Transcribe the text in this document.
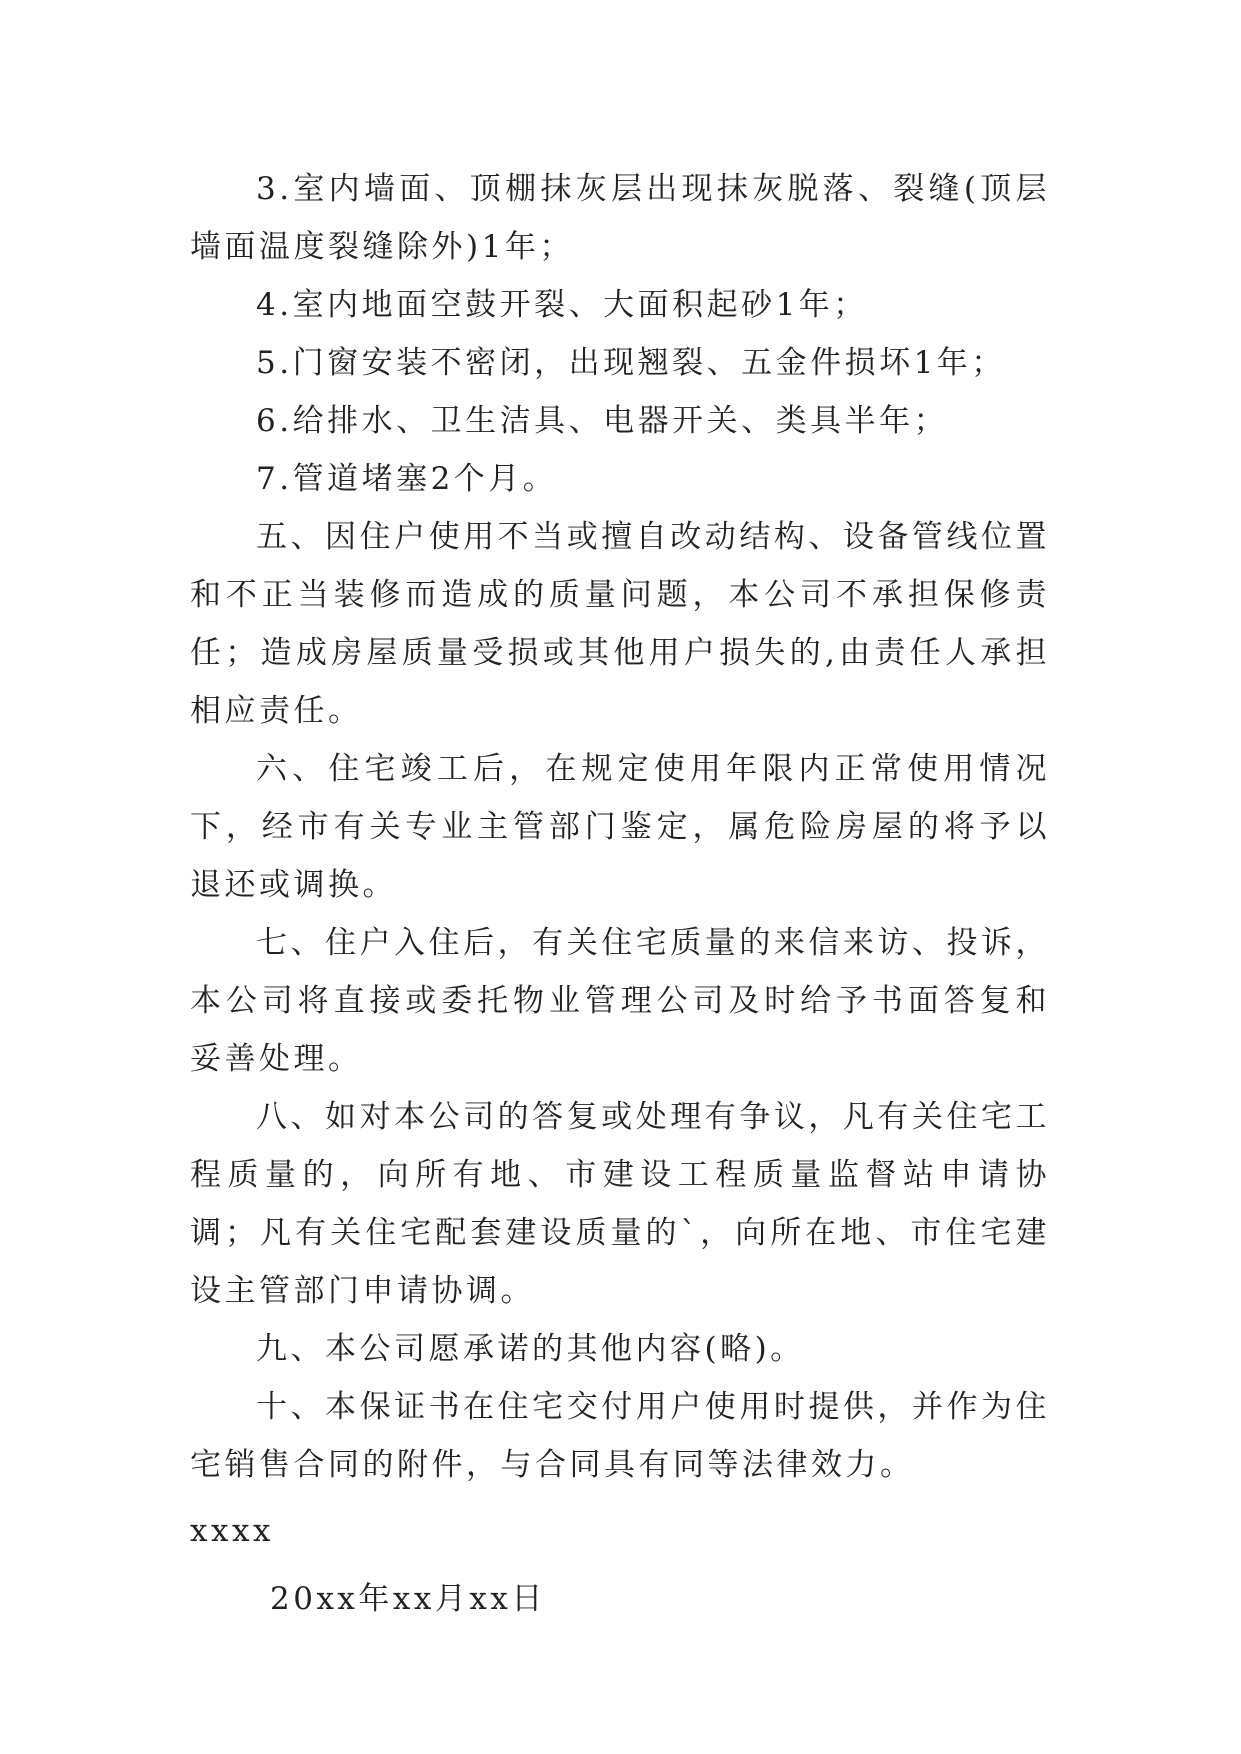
3.室内墙面、顶棚抹灰层出现抹灰脱落、裂缝(顶层墙面温度裂缝除外)1年；

4.室内地面空鼓开裂、大面积起砂1年；

5.门窗安装不密闭，出现翘裂、五金件损坏1年；

6.给排水、卫生洁具、电器开关、类具半年；

7.管道堵塞2个月。

五、因住户使用不当或擅自改动结构、设备管线位置和不正当装修而造成的质量问题，本公司不承担保修责任；造成房屋质量受损或其他用户损失的,由责任人承担相应责任。

六、住宅竣工后，在规定使用年限内正常使用情况下，经市有关专业主管部门鉴定，属危险房屋的将予以退还或调换。

七、住户入住后，有关住宅质量的来信来访、投诉，本公司将直接或委托物业管理公司及时给予书面答复和妥善处理。

八、如对本公司的答复或处理有争议，凡有关住宅工程质量的，向所有地、市建设工程质量监督站申请协调；凡有关住宅配套建设质量的`，向所在地、市住宅建设主管部门申请协调。

九、本公司愿承诺的其他内容(略)。

十、本保证书在住宅交付用户使用时提供，并作为住宅销售合同的附件，与合同具有同等法律效力。

xxxx

20xx年xx月xx日
